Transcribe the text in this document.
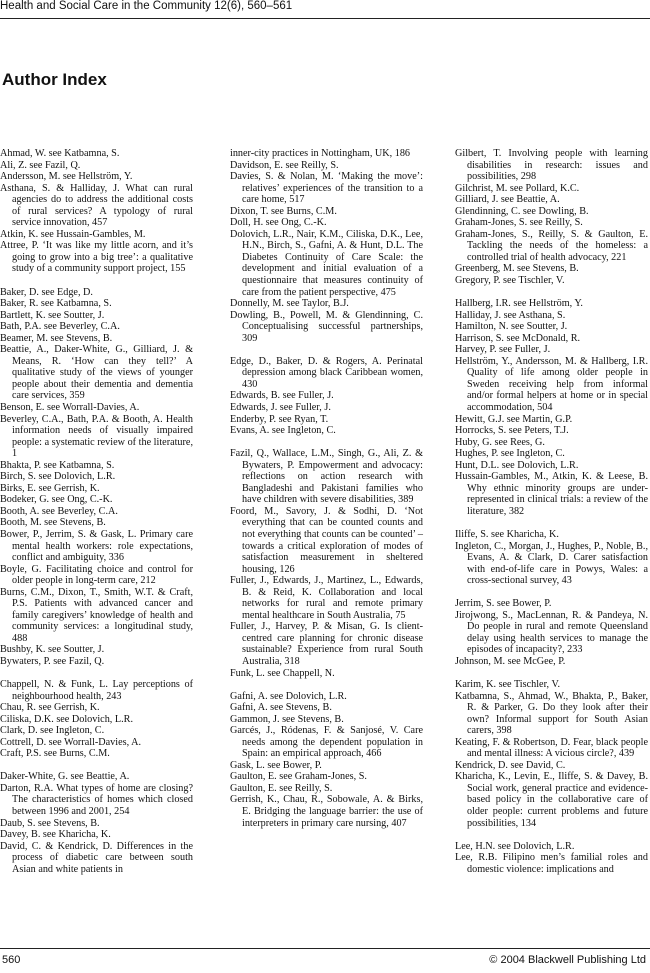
Health and Social Care in the Community 12(6), 560–561
Author Index
Ahmad, W. see Katbamna, S.
Ali, Z. see Fazil, Q.
Andersson, M. see Hellström, Y.
Asthana, S. & Halliday, J. What can rural agencies do to address the additional costs of rural services? A typology of rural service innovation, 457
Atkin, K. see Hussain-Gambles, M.
Attree, P. ‘It was like my little acorn, and it’s going to grow into a big tree’: a qualitative study of a community support project, 155
Baker, D. see Edge, D.
Baker, R. see Katbamna, S.
Bartlett, K. see Soutter, J.
Bath, P.A. see Beverley, C.A.
Beamer, M. see Stevens, B.
Beattie, A., Daker-White, G., Gilliard, J. & Means, R. ‘How can they tell?’ A qualitative study of the views of younger people about their dementia and dementia care services, 359
Benson, E. see Worrall-Davies, A.
Beverley, C.A., Bath, P.A. & Booth, A. Health information needs of visually impaired people: a systematic review of the literature, 1
Bhakta, P. see Katbamna, S.
Birch, S. see Dolovich, L.R.
Birks, E. see Gerrish, K.
Bodeker, G. see Ong, C.-K.
Booth, A. see Beverley, C.A.
Booth, M. see Stevens, B.
Bower, P., Jerrim, S. & Gask, L. Primary care mental health workers: role expectations, conflict and ambiguity, 336
Boyle, G. Facilitating choice and control for older people in long-term care, 212
Burns, C.M., Dixon, T., Smith, W.T. & Craft, P.S. Patients with advanced cancer and family caregivers’ knowledge of health and community services: a longitudinal study, 488
Bushby, K. see Soutter, J.
Bywaters, P. see Fazil, Q.
Chappell, N. & Funk, L. Lay perceptions of neighbourhood health, 243
Chau, R. see Gerrish, K.
Ciliska, D.K. see Dolovich, L.R.
Clark, D. see Ingleton, C.
Cottrell, D. see Worrall-Davies, A.
Craft, P.S. see Burns, C.M.
Daker-White, G. see Beattie, A.
Darton, R.A. What types of home are closing? The characteristics of homes which closed between 1996 and 2001, 254
Daub, S. see Stevens, B.
Davey, B. see Kharicha, K.
David, C. & Kendrick, D. Differences in the process of diabetic care between south Asian and white patients in
inner-city practices in Nottingham, UK, 186
Davidson, E. see Reilly, S.
Davies, S. & Nolan, M. ‘Making the move’: relatives’ experiences of the transition to a care home, 517
Dixon, T. see Burns, C.M.
Doll, H. see Ong, C.-K.
Dolovich, L.R., Nair, K.M., Ciliska, D.K., Lee, H.N., Birch, S., Gafni, A. & Hunt, D.L. The Diabetes Continuity of Care Scale: the development and initial evaluation of a questionnaire that measures continuity of care from the patient perspective, 475
Donnelly, M. see Taylor, B.J.
Dowling, B., Powell, M. & Glendinning, C. Conceptualising successful partnerships, 309
Edge, D., Baker, D. & Rogers, A. Perinatal depression among black Caribbean women, 430
Edwards, B. see Fuller, J.
Edwards, J. see Fuller, J.
Enderby, P. see Ryan, T.
Evans, A. see Ingleton, C.
Fazil, Q., Wallace, L.M., Singh, G., Ali, Z. & Bywaters, P. Empowerment and advocacy: reflections on action research with Bangladeshi and Pakistani families who have children with severe disabilities, 389
Foord, M., Savory, J. & Sodhi, D. ‘Not everything that can be counted counts and not everything that counts can be counted’ – towards a critical exploration of modes of satisfaction measurement in sheltered housing, 126
Fuller, J., Edwards, J., Martinez, L., Edwards, B. & Reid, K. Collaboration and local networks for rural and remote primary mental healthcare in South Australia, 75
Fuller, J., Harvey, P. & Misan, G. Is client-centred care planning for chronic disease sustainable? Experience from rural South Australia, 318
Funk, L. see Chappell, N.
Gafni, A. see Dolovich, L.R.
Gafni, A. see Stevens, B.
Gammon, J. see Stevens, B.
Garcés, J., Ródenas, F. & Sanjosé, V. Care needs among the dependent population in Spain: an empirical approach, 466
Gask, L. see Bower, P.
Gaulton, E. see Graham-Jones, S.
Gaulton, E. see Reilly, S.
Gerrish, K., Chau, R., Sobowale, A. & Birks, E. Bridging the language barrier: the use of interpreters in primary care nursing, 407
Gilbert, T. Involving people with learning disabilities in research: issues and possibilities, 298
Gilchrist, M. see Pollard, K.C.
Gilliard, J. see Beattie, A.
Glendinning, C. see Dowling, B.
Graham-Jones, S. see Reilly, S.
Graham-Jones, S., Reilly, S. & Gaulton, E. Tackling the needs of the homeless: a controlled trial of health advocacy, 221
Greenberg, M. see Stevens, B.
Gregory, P. see Tischler, V.
Hallberg, I.R. see Hellström, Y.
Halliday, J. see Asthana, S.
Hamilton, N. see Soutter, J.
Harrison, S. see McDonald, R.
Harvey, P. see Fuller, J.
Hellström, Y., Andersson, M. & Hallberg, I.R. Quality of life among older people in Sweden receiving help from informal and/or formal helpers at home or in special accommodation, 504
Hewitt, G.J. see Martin, G.P.
Horrocks, S. see Peters, T.J.
Huby, G. see Rees, G.
Hughes, P. see Ingleton, C.
Hunt, D.L. see Dolovich, L.R.
Hussain-Gambles, M., Atkin, K. & Leese, B. Why ethnic minority groups are under-represented in clinical trials: a review of the literature, 382
Iliffe, S. see Kharicha, K.
Ingleton, C., Morgan, J., Hughes, P., Noble, B., Evans, A. & Clark, D. Carer satisfaction with end-of-life care in Powys, Wales: a cross-sectional survey, 43
Jerrim, S. see Bower, P.
Jirojwong, S., MacLennan, R. & Pandeya, N. Do people in rural and remote Queensland delay using health services to manage the episodes of incapacity?, 233
Johnson, M. see McGee, P.
Karim, K. see Tischler, V.
Katbamna, S., Ahmad, W., Bhakta, P., Baker, R. & Parker, G. Do they look after their own? Informal support for South Asian carers, 398
Keating, F. & Robertson, D. Fear, black people and mental illness: A vicious circle?, 439
Kendrick, D. see David, C.
Kharicha, K., Levin, E., Iliffe, S. & Davey, B. Social work, general practice and evidence-based policy in the collaborative care of older people: current problems and future possibilities, 134
Lee, H.N. see Dolovich, L.R.
Lee, R.B. Filipino men’s familial roles and domestic violence: implications and
560	© 2004 Blackwell Publishing Ltd
